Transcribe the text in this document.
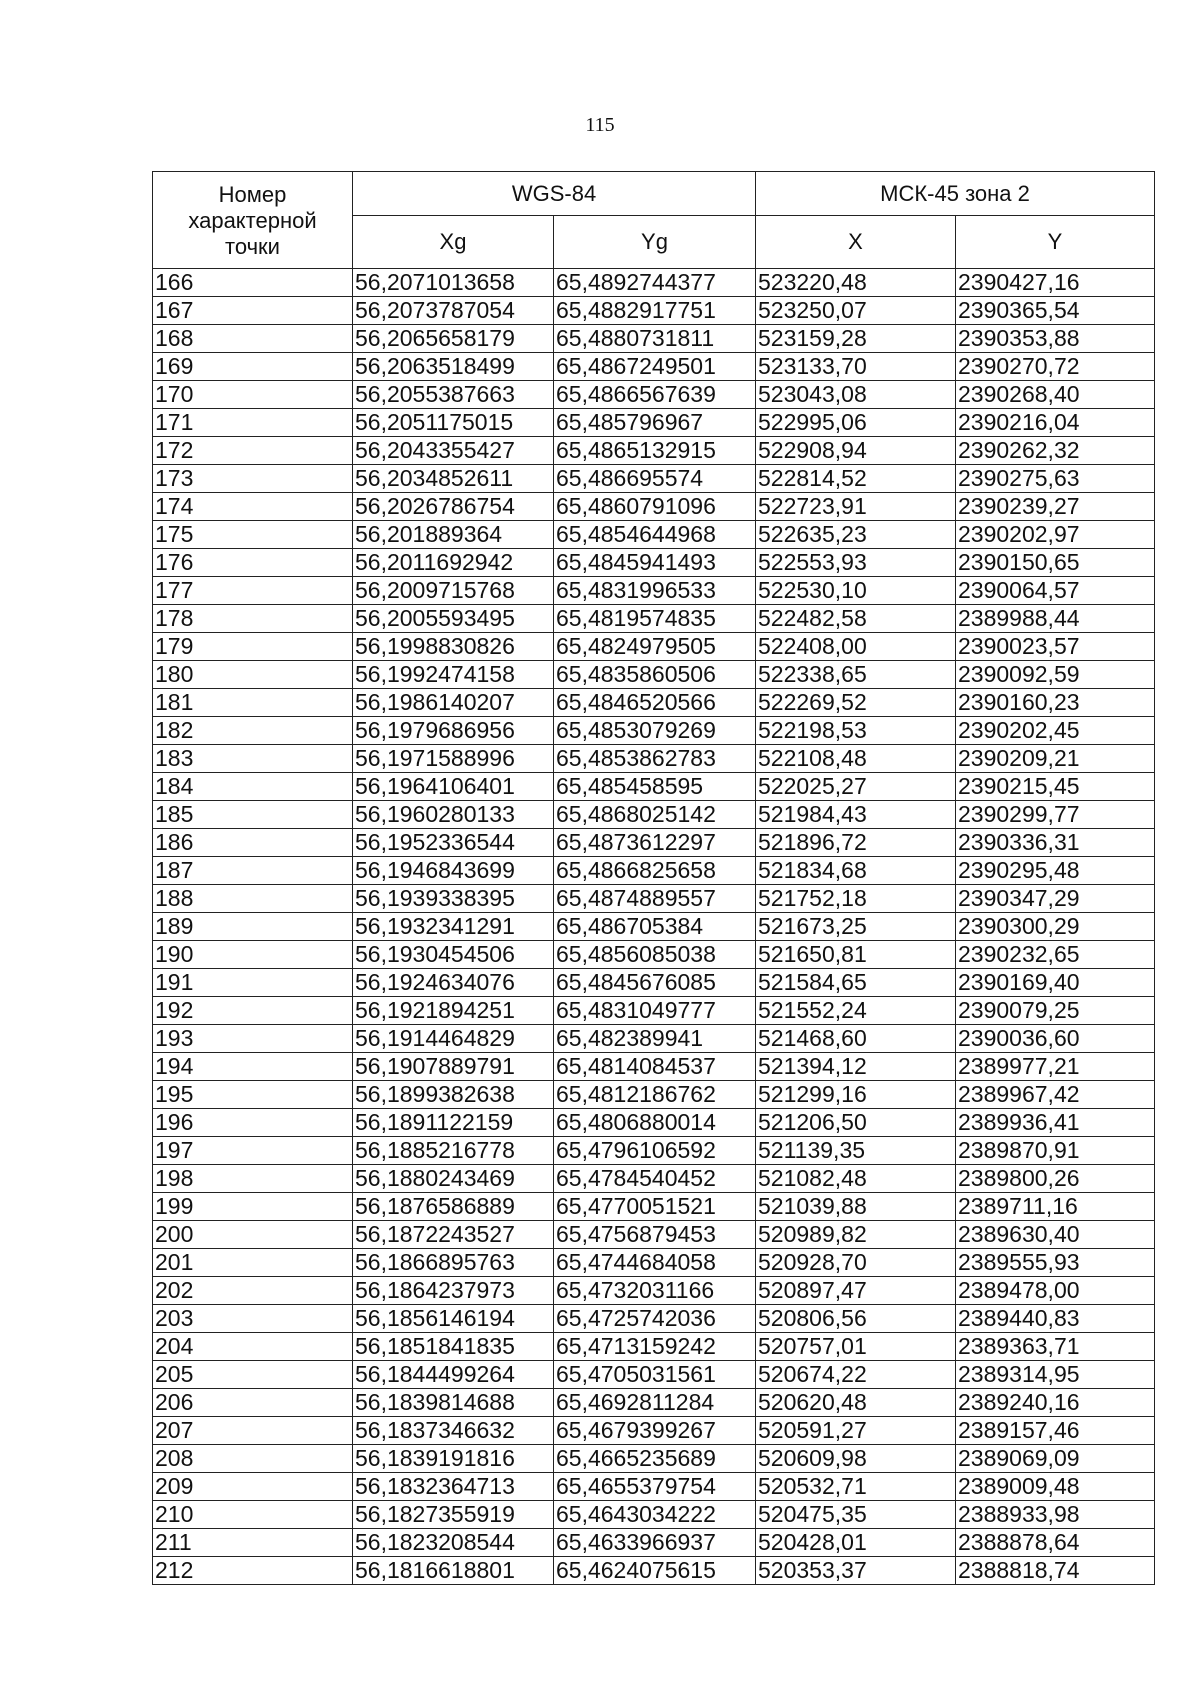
115
Номер
характерной
точки	WGS-84		МСК-45 зона 2	
	Xg	Yg	X	Y
166	56,2071013658	65,4892744377	523220,48	2390427,16
167	56,2073787054	65,4882917751	523250,07	2390365,54
168	56,2065658179	65,4880731811	523159,28	2390353,88
169	56,2063518499	65,4867249501	523133,70	2390270,72
170	56,2055387663	65,4866567639	523043,08	2390268,40
171	56,2051175015	65,485796967	522995,06	2390216,04
172	56,2043355427	65,4865132915	522908,94	2390262,32
173	56,2034852611	65,486695574	522814,52	2390275,63
174	56,2026786754	65,4860791096	522723,91	2390239,27
175	56,201889364	65,4854644968	522635,23	2390202,97
176	56,2011692942	65,4845941493	522553,93	2390150,65
177	56,2009715768	65,4831996533	522530,10	2390064,57
178	56,2005593495	65,4819574835	522482,58	2389988,44
179	56,1998830826	65,4824979505	522408,00	2390023,57
180	56,1992474158	65,4835860506	522338,65	2390092,59
181	56,1986140207	65,4846520566	522269,52	2390160,23
182	56,1979686956	65,4853079269	522198,53	2390202,45
183	56,1971588996	65,4853862783	522108,48	2390209,21
184	56,1964106401	65,485458595	522025,27	2390215,45
185	56,1960280133	65,4868025142	521984,43	2390299,77
186	56,1952336544	65,4873612297	521896,72	2390336,31
187	56,1946843699	65,4866825658	521834,68	2390295,48
188	56,1939338395	65,4874889557	521752,18	2390347,29
189	56,1932341291	65,486705384	521673,25	2390300,29
190	56,1930454506	65,4856085038	521650,81	2390232,65
191	56,1924634076	65,4845676085	521584,65	2390169,40
192	56,1921894251	65,4831049777	521552,24	2390079,25
193	56,1914464829	65,482389941	521468,60	2390036,60
194	56,1907889791	65,4814084537	521394,12	2389977,21
195	56,1899382638	65,4812186762	521299,16	2389967,42
196	56,1891122159	65,4806880014	521206,50	2389936,41
197	56,1885216778	65,4796106592	521139,35	2389870,91
198	56,1880243469	65,4784540452	521082,48	2389800,26
199	56,1876586889	65,4770051521	521039,88	2389711,16
200	56,1872243527	65,4756879453	520989,82	2389630,40
201	56,1866895763	65,4744684058	520928,70	2389555,93
202	56,1864237973	65,4732031166	520897,47	2389478,00
203	56,1856146194	65,4725742036	520806,56	2389440,83
204	56,1851841835	65,4713159242	520757,01	2389363,71
205	56,1844499264	65,4705031561	520674,22	2389314,95
206	56,1839814688	65,4692811284	520620,48	2389240,16
207	56,1837346632	65,4679399267	520591,27	2389157,46
208	56,1839191816	65,4665235689	520609,98	2389069,09
209	56,1832364713	65,4655379754	520532,71	2389009,48
210	56,1827355919	65,4643034222	520475,35	2388933,98
211	56,1823208544	65,4633966937	520428,01	2388878,64
212	56,1816618801	65,4624075615	520353,37	2388818,74
